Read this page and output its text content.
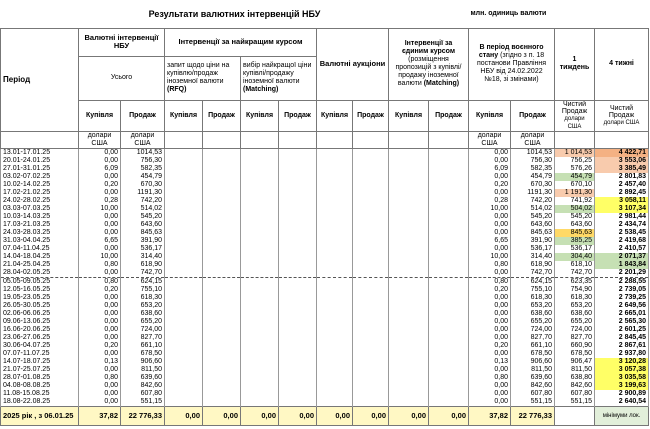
Результати валютних інтервенцій НБУ											млн. одиниць валюти			
Період	Валютні інтервенції НБУ		Інтервенції за найкращим курсом				Валютні аукціони		Інтервенції за єдиним курсом (розміщення пропозицій з купівлі/продажу іноземної валюти (Matching)		В період воєнного стану (згідно з п. 18 постанови Правління НБУ від 24.02.2022 №18, зі змінами)		1 тиждень	4 тижні
	Усього		запит щодо ціни на купівлю/продаж іноземної валюти (RFQ)		вибір найкращої ціни купівлі/продажу іноземної валюти (Matching)									
	Купівля	Продаж	Купівля	Продаж	Купівля	Продаж	Купівля	Продаж	Купівля	Продаж	Купівля	Продаж	Чистий Продаж
долари США	Чистий Продаж
долари США
	долари США	долари США									долари США	долари США		
13.01-17.01.25	0,00	1014,53									0,00	1014,53	1 014,53	4 422,71
20.01-24.01.25	0,00	756,30									0,00	756,30	756,25	3 553,06
27.01-31.01.25	6,09	582,35									6,09	582,35	576,26	3 385,49
03.02-07.02.25	0,00	454,79									0,00	454,79	454,79	2 801,83
10.02-14.02.25	0,20	670,30									0,20	670,30	670,10	2 457,40
17.02-21.02.25	0,00	1191,30									0,00	1191,30	1 191,30	2 892,45
24.02-28.02.25	0,28	742,20									0,28	742,20	741,92	3 058,11
03.03-07.03.25	10,00	514,02									10,00	514,02	504,02	3 107,34
10.03-14.03.25	0,00	545,20									0,00	545,20	545,20	2 981,44
17.03-21.03.25	0,00	643,60									0,00	643,60	643,60	2 434,74
24.03-28.03.25	0,00	845,63									0,00	845,63	845,63	2 538,45
31.03-04.04.25	6,65	391,90									6,65	391,90	385,25	2 419,68
07.04-11.04.25	0,00	536,17									0,00	536,17	536,17	2 410,57
14.04-18.04.25	10,00	314,40									10,00	314,40	304,40	2 071,37
21.04-25.04.25	0,80	618,90									0,80	618,90	618,10	1 843,84
28.04-02.05.25	0,00	742,70									0,00	742,70	742,70	2 201,29
05.05-09.05.25	0,80	624,15									0,80	624,15	623,35	2 288,55
12.05-16.05.25	0,20	755,10									0,20	755,10	754,90	2 739,05
19.05-23.05.25	0,00	618,30									0,00	618,30	618,30	2 739,25
26.05-30.05.25	0,00	653,20									0,00	653,20	653,20	2 649,56
02.06-06.06.25	0,00	638,60									0,00	638,60	638,60	2 665,01
09.06-13.06.25	0,00	655,20									0,00	655,20	655,20	2 565,30
16.06-20.06.25	0,00	724,00									0,00	724,00	724,00	2 601,25
23.06-27.06.25	0,00	827,70									0,00	827,70	827,70	2 845,45
30.06-04.07.25	0,20	661,10									0,20	661,10	660,90	2 867,61
07.07-11.07.25	0,00	678,50									0,00	678,50	678,50	2 937,80
14.07-18.07.25	0,13	906,60									0,13	906,60	906,47	3 120,28
21.07-25.07.25	0,00	811,50									0,00	811,50	811,50	3 057,38
28.07-01.08.25	0,80	639,60									0,80	639,60	638,80	3 035,58
04.08-08.08.25	0,00	842,60									0,00	842,60	842,60	3 199,63
11.08-15.08.25	0,00	607,80									0,00	607,80	607,80	2 900,89
18.08-22.08.25	0,00	551,15									0,00	551,15	551,15	2 640,54
2025 рік , з 06.01.25	37,82	22 776,33	0,00	0,00	0,00	0,00	0,00	0,00	0,00	0,00	37,82	22 776,33		мінімуми лок.
